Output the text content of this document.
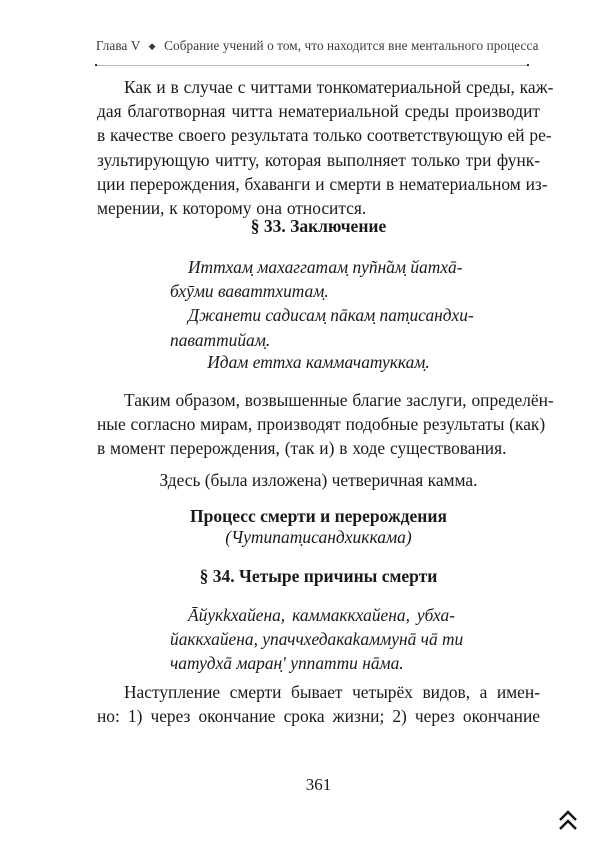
Глава V ◆ Собрание учений о том, что находится вне ментального процесса
Как и в случае с читтами тонкоматериальной среды, каж-
дая благотворная читта нематериальной среды производит
в качестве своего результата только соответствующую ей ре-
зультирующую читту, которая выполняет только три функ-
ции перерождения, бхаванги и смерти в нематериальном из-
мерении, к которому она относится.
§ 33. Заключение
Иттхам̣ махаггатам̣ пуñн̃ам̣ йатхā-
бхӯми ваваттхитам̣.
Джанети садисам̣ пāкам̣ пат̣исандхи-
паваттийам̣.
Идам еттха каммачатуккам̣.
Таким образом, возвышенные благие заслуги, определён-
ные согласно мирам, производят подобные результаты (как)
в момент перерождения, (так и) в ходе существования.
Здесь (была изложена) четверичная камма.
Процесс смерти и перерождения
(Чутипат̣исандхиккама)
§ 34. Четыре причины смерти
Āйукkхайена, каммаккхайена, убха-
йаккхайена, упаччхедакаkаммунā чā ти
чатудхā маран̣' уппатти нāма.
Наступление смерти бывает четырёх видов, а имен-
но: 1) через окончание срока жизни; 2) через окончание
361
